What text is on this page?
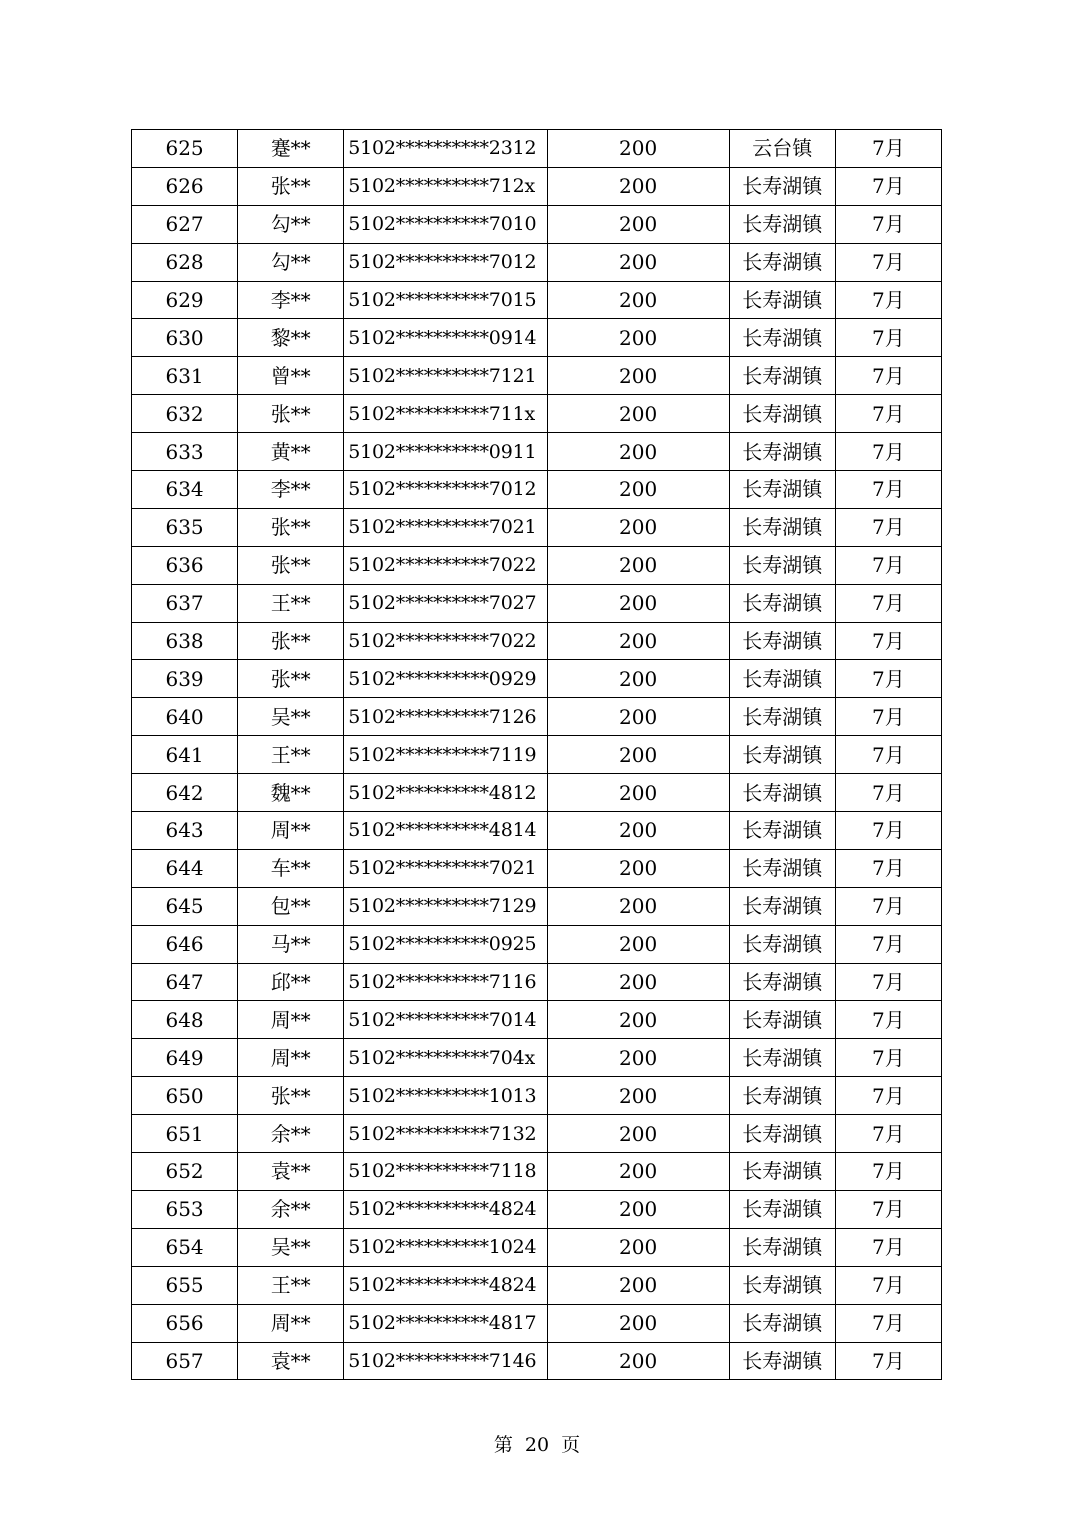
625	蹇**	5102**********2312	200	云台镇	7月
626	张**	5102**********712x	200	长寿湖镇	7月
627	勾**	5102**********7010	200	长寿湖镇	7月
628	勾**	5102**********7012	200	长寿湖镇	7月
629	李**	5102**********7015	200	长寿湖镇	7月
630	黎**	5102**********0914	200	长寿湖镇	7月
631	曾**	5102**********7121	200	长寿湖镇	7月
632	张**	5102**********711x	200	长寿湖镇	7月
633	黄**	5102**********0911	200	长寿湖镇	7月
634	李**	5102**********7012	200	长寿湖镇	7月
635	张**	5102**********7021	200	长寿湖镇	7月
636	张**	5102**********7022	200	长寿湖镇	7月
637	王**	5102**********7027	200	长寿湖镇	7月
638	张**	5102**********7022	200	长寿湖镇	7月
639	张**	5102**********0929	200	长寿湖镇	7月
640	吴**	5102**********7126	200	长寿湖镇	7月
641	王**	5102**********7119	200	长寿湖镇	7月
642	魏**	5102**********4812	200	长寿湖镇	7月
643	周**	5102**********4814	200	长寿湖镇	7月
644	车**	5102**********7021	200	长寿湖镇	7月
645	包**	5102**********7129	200	长寿湖镇	7月
646	马**	5102**********0925	200	长寿湖镇	7月
647	邱**	5102**********7116	200	长寿湖镇	7月
648	周**	5102**********7014	200	长寿湖镇	7月
649	周**	5102**********704x	200	长寿湖镇	7月
650	张**	5102**********1013	200	长寿湖镇	7月
651	余**	5102**********7132	200	长寿湖镇	7月
652	袁**	5102**********7118	200	长寿湖镇	7月
653	余**	5102**********4824	200	长寿湖镇	7月
654	吴**	5102**********1024	200	长寿湖镇	7月
655	王**	5102**********4824	200	长寿湖镇	7月
656	周**	5102**********4817	200	长寿湖镇	7月
657	袁**	5102**********7146	200	长寿湖镇	7月
第 20 页
